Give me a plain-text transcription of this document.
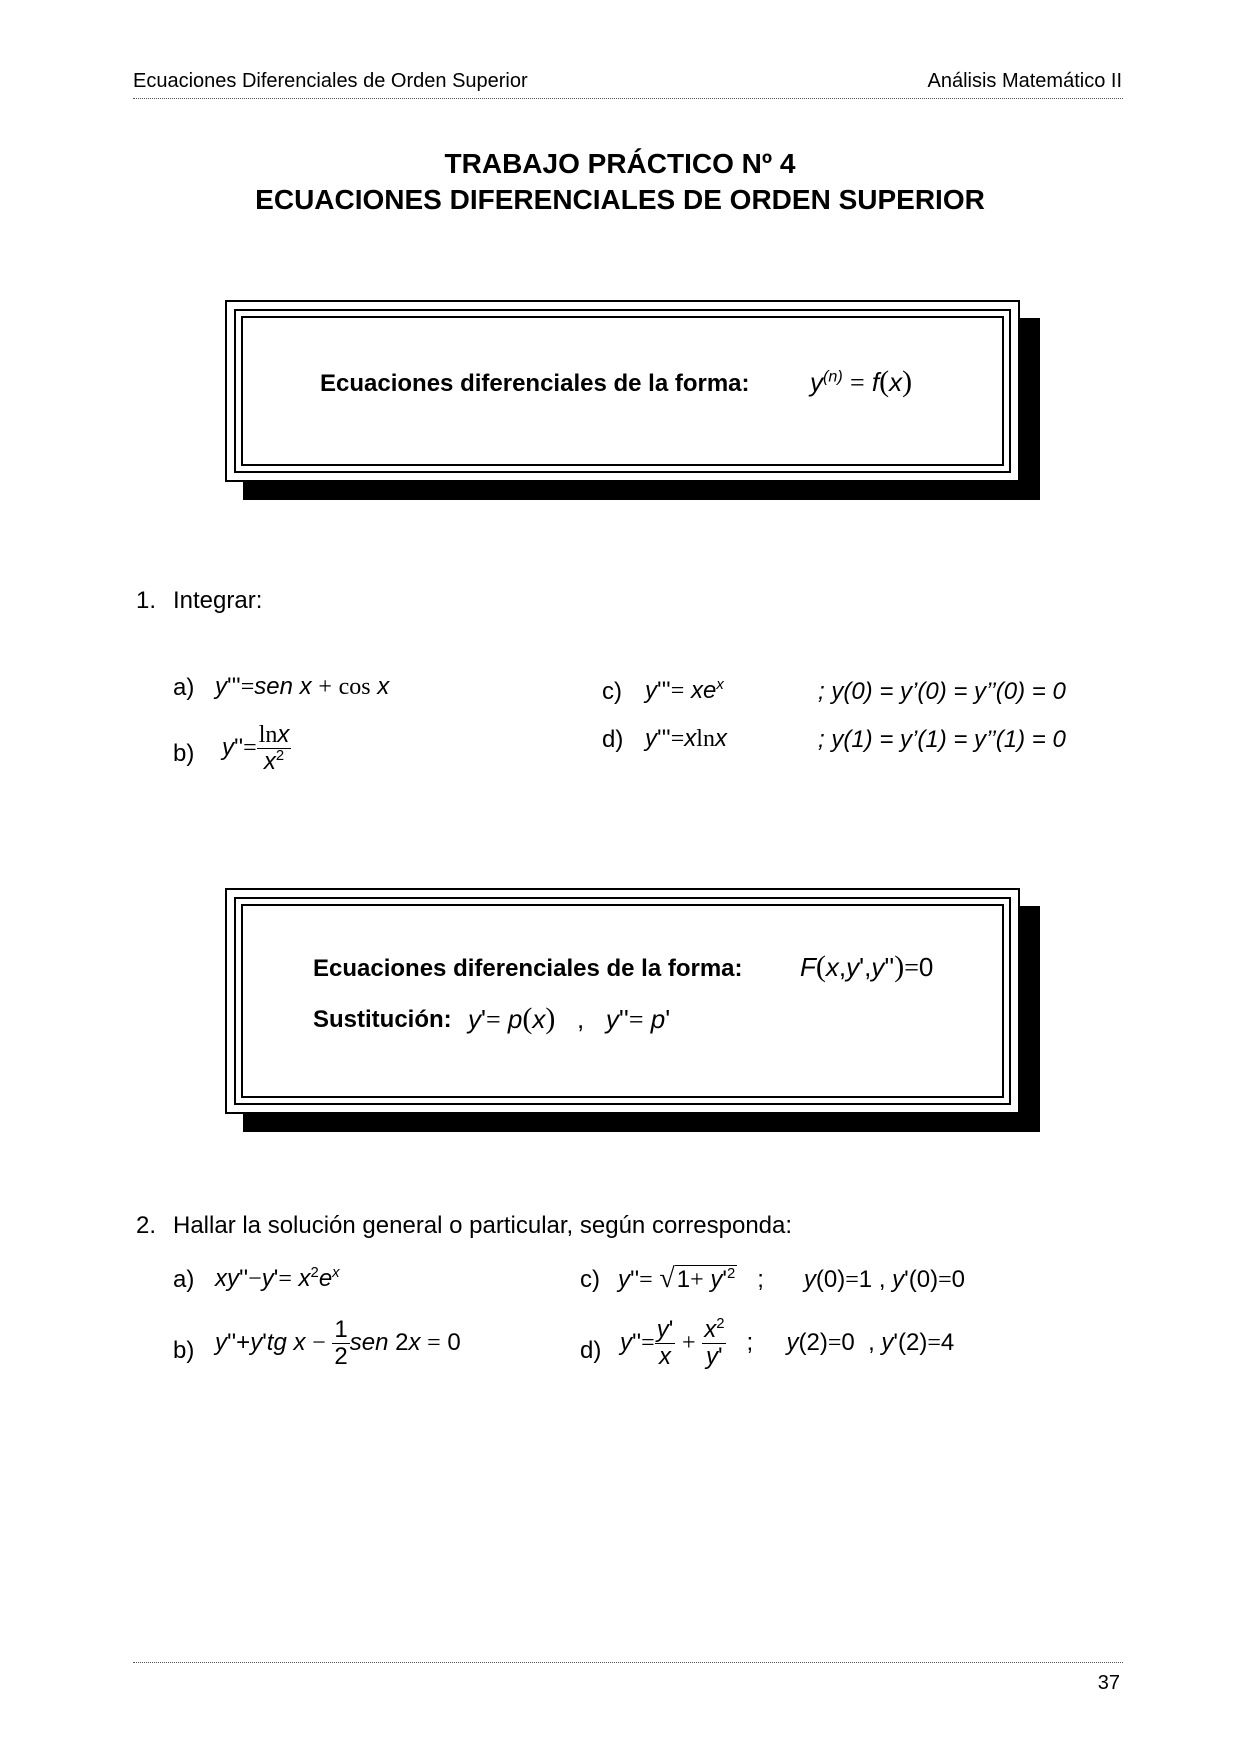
Ecuaciones Diferenciales de Orden Superior	Análisis Matemático II
TRABAJO PRÁCTICO Nº 4
ECUACIONES DIFERENCIALES DE ORDEN SUPERIOR
Ecuaciones diferenciales de la forma: $y^{(n)} = f(x)$
1. Integrar:
a) y'''=sen x + cos x
b) $y''= \frac{\ln x}{x^2}$
c) $y'''= xe^x$	; y(0) = y’(0) = y’’(0) = 0
d) y'''=xlnx	; y(1) = y’(1) = y’’(1) = 0
Ecuaciones diferenciales de la forma: F(x,y',y'')=0
Sustitución: y'= p(x)   ,   y''= p'
2. Hallar la solución general o particular, según corresponda:
a) $xy''-y'= x^2e^x$
b) y''+y'tg $x - \frac{1}{2}$ sen 2x = 0
c) $y''= √1+ y'^2$   ;      y(0)=1 , y'(0)=0
d) $y''= \frac{y'}{x} + \frac{x^2}{y'}$ ;     y(2)=0  , y'(2)=4
37
